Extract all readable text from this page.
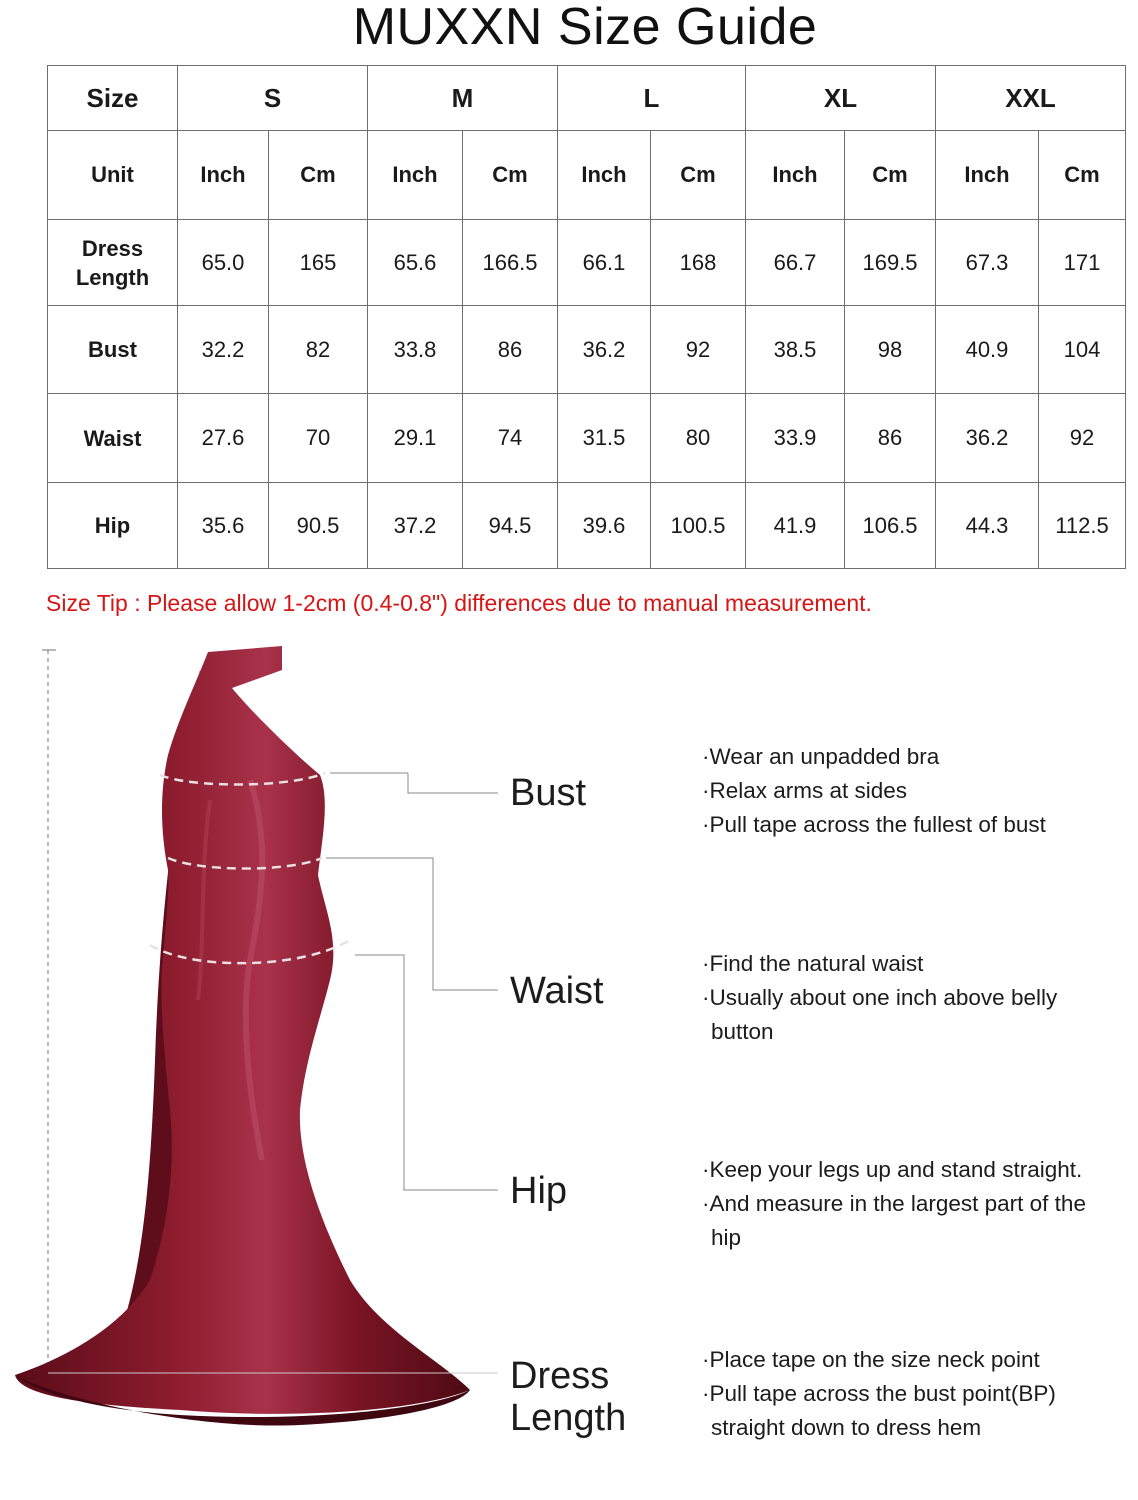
MUXXN Size Guide
Size	S		M		L		XL		XXL	
Unit	Inch	Cm	Inch	Cm	Inch	Cm	Inch	Cm	Inch	Cm
Dress
Length	65.0	165	65.6	166.5	66.1	168	66.7	169.5	67.3	171
Bust	32.2	82	33.8	86	36.2	92	38.5	98	40.9	104
Waist	27.6	70	29.1	74	31.5	80	33.9	86	36.2	92
Hip	35.6	90.5	37.2	94.5	39.6	100.5	41.9	106.5	44.3	112.5
Size Tip : Please allow 1-2cm (0.4-0.8") differences due to manual measurement.
Bust
Waist
Hip
Dress
Length
·Wear an unpadded bra
·Relax arms at sides
·Pull tape across the fullest of bust
·Find the natural waist
·Usually about one inch above belly
button
·Keep your legs up and stand straight.
·And measure in the largest part of the
hip
·Place tape on the size neck point
·Pull tape across the bust point(BP)
straight down to dress hem
